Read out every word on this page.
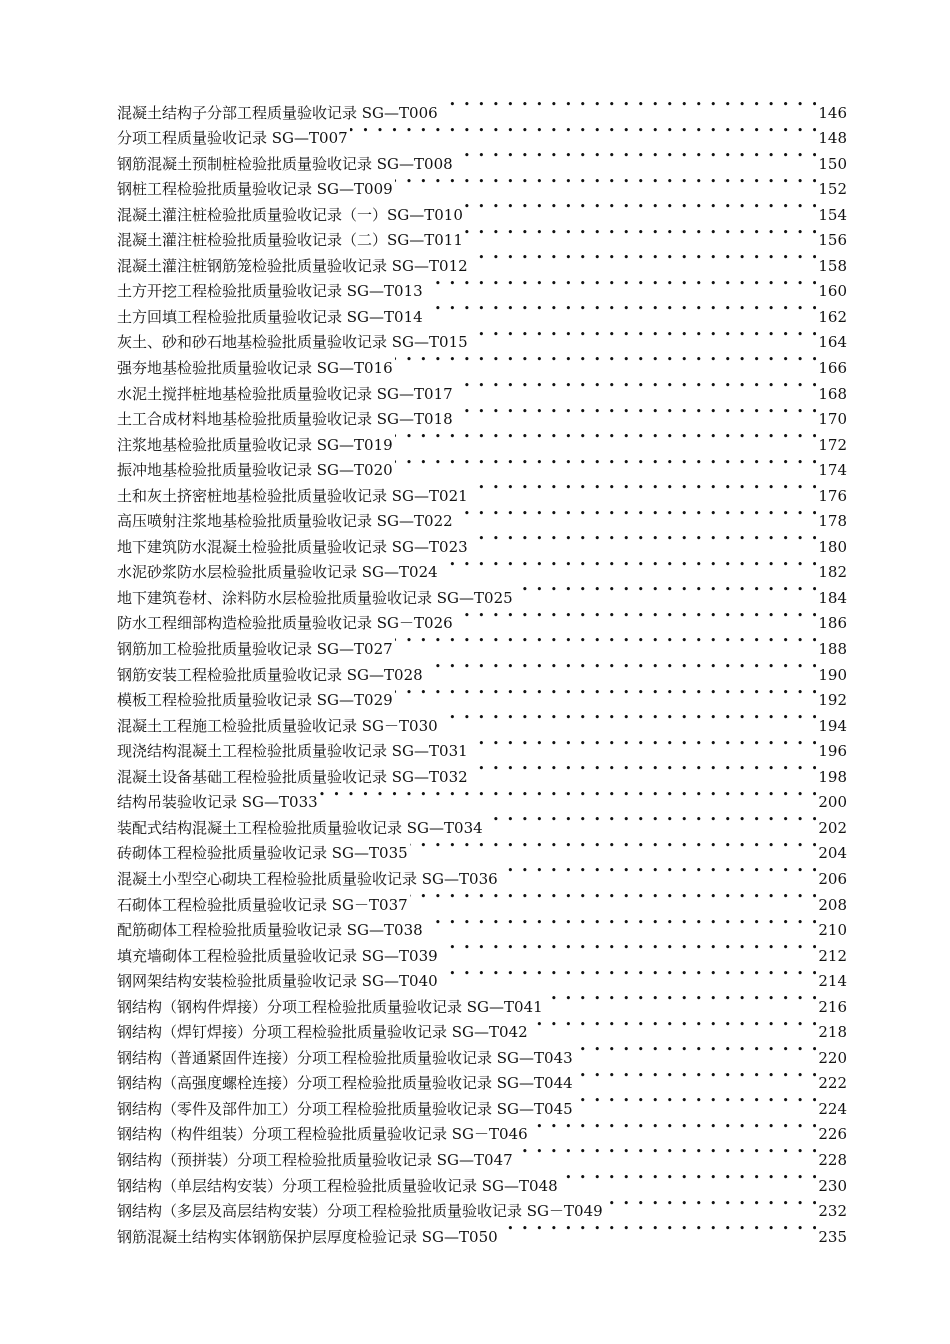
混凝土结构子分部工程质量验收记录 SG—T006 • • •	146
分项工程质量验收记录 SG—T007 • • •	148
钢筋混凝土预制桩检验批质量验收记录 SG—T008 • • •	150
钢桩工程检验批质量验收记录 SG—T009 • • •	152
混凝土灌注桩检验批质量验收记录（一）SG—T010 • • •	154
混凝土灌注桩检验批质量验收记录（二）SG—T011 • • •	156
混凝土灌注桩钢筋笼检验批质量验收记录 SG—T012 • • •	158
土方开挖工程检验批质量验收记录 SG—T013 • • •	160
土方回填工程检验批质量验收记录 SG—T014 • • •	162
灰土、砂和砂石地基检验批质量验收记录 SG—T015 • • •	164
强夯地基检验批质量验收记录 SG—T016 • • •	166
水泥土搅拌桩地基检验批质量验收记录 SG—T017 • • •	168
土工合成材料地基检验批质量验收记录 SG—T018 • • •	170
注浆地基检验批质量验收记录 SG—T019 • • •	172
振冲地基检验批质量验收记录 SG—T020 • • •	174
土和灰土挤密桩地基检验批质量验收记录 SG—T021 • • •	176
高压喷射注浆地基检验批质量验收记录 SG—T022 • • •	178
地下建筑防水混凝土检验批质量验收记录 SG—T023 • • •	180
水泥砂浆防水层检验批质量验收记录 SG—T024 • • •	182
地下建筑卷材、涂料防水层检验批质量验收记录 SG—T025 • • •	184
防水工程细部构造检验批质量验收记录 SG－T026 • • •	186
钢筋加工检验批质量验收记录 SG—T027 • • •	188
钢筋安装工程检验批质量验收记录 SG—T028 • • •	190
模板工程检验批质量验收记录 SG—T029 • • •	192
混凝土工程施工检验批质量验收记录 SG－T030 • • •	194
现浇结构混凝土工程检验批质量验收记录 SG—T031 • • •	196
混凝土设备基础工程检验批质量验收记录 SG—T032 • • •	198
结构吊装验收记录 SG—T033 • • •	200
装配式结构混凝土工程检验批质量验收记录 SG—T034 • • •	202
砖砌体工程检验批质量验收记录 SG—T035 • • •	204
混凝土小型空心砌块工程检验批质量验收记录 SG—T036 • • •	206
石砌体工程检验批质量验收记录 SG－T037 • • •	208
配筋砌体工程检验批质量验收记录 SG—T038 • • •	210
填充墙砌体工程检验批质量验收记录 SG—T039 • • •	212
钢网架结构安装检验批质量验收记录 SG—T040 • • •	214
钢结构（钢构件焊接）分项工程检验批质量验收记录 SG—T041 • • •	216
钢结构（焊钉焊接）分项工程检验批质量验收记录 SG—T042 • • •	218
钢结构（普通紧固件连接）分项工程检验批质量验收记录 SG—T043 • • •	220
钢结构（高强度螺栓连接）分项工程检验批质量验收记录 SG—T044 • • •	222
钢结构（零件及部件加工）分项工程检验批质量验收记录 SG—T045 • • •	224
钢结构（构件组装）分项工程检验批质量验收记录 SG－T046 • • •	226
钢结构（预拼装）分项工程检验批质量验收记录 SG—T047 • • •	228
钢结构（单层结构安装）分项工程检验批质量验收记录 SG—T048 • • •	230
钢结构（多层及高层结构安装）分项工程检验批质量验收记录 SG－T049 • • •	232
钢筋混凝土结构实体钢筋保护层厚度检验记录 SG—T050 • • •	235
